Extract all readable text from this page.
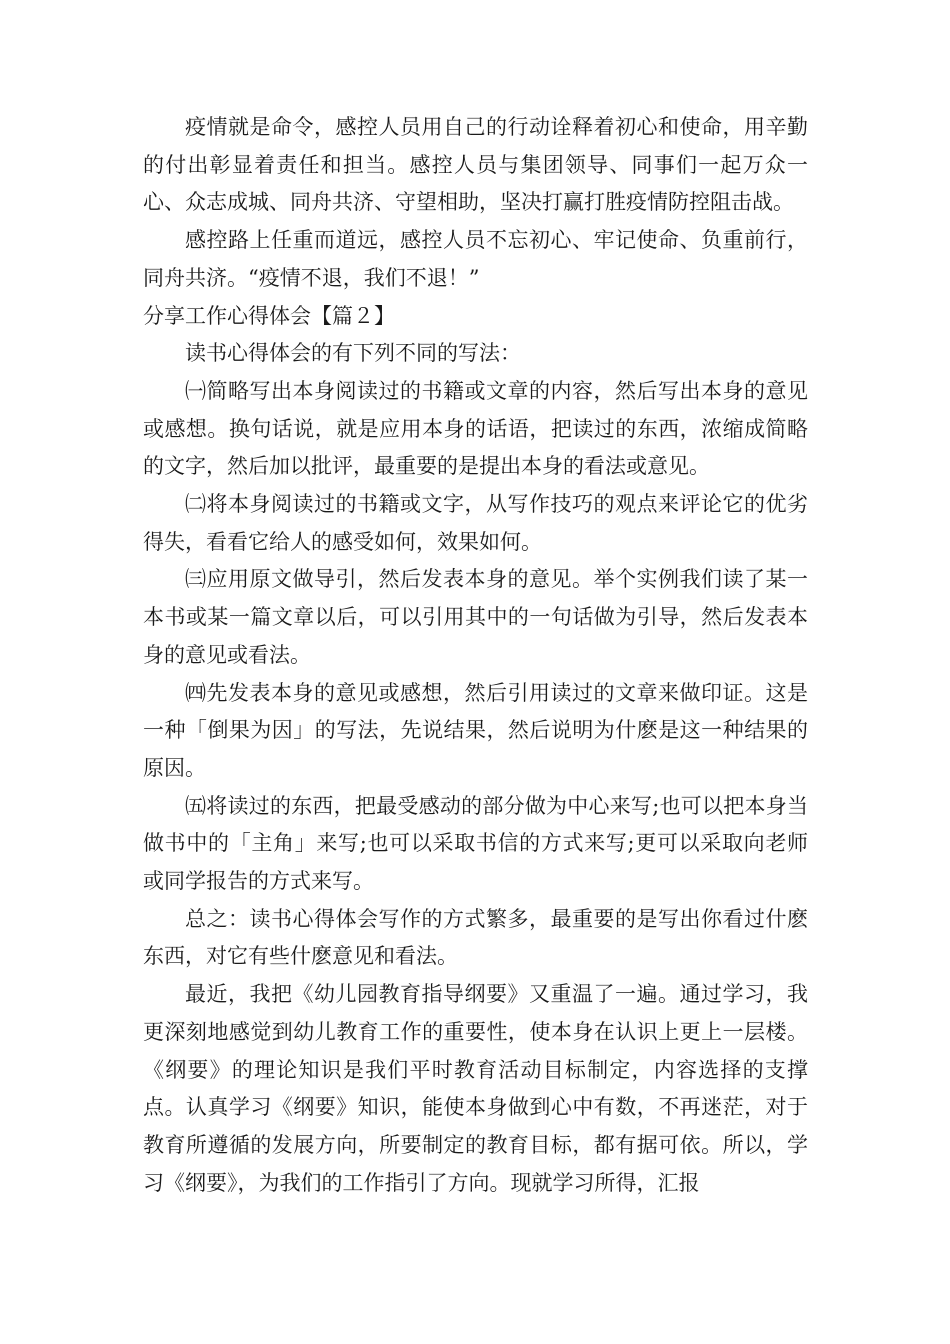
疫情就是命令，感控人员用自己的行动诠释着初心和使命，用辛勤的付出彰显着责任和担当。感控人员与集团领导、同事们一起万众一心、众志成城、同舟共济、守望相助，坚决打赢打胜疫情防控阻击战。

感控路上任重而道远，感控人员不忘初心、牢记使命、负重前行，同舟共济。“疫情不退，我们不退！”

分享工作心得体会【篇２】

读书心得体会的有下列不同的写法：

㈠简略写出本身阅读过的书籍或文章的内容，然后写出本身的意见或感想。换句话说，就是应用本身的话语，把读过的东西，浓缩成简略的文字，然后加以批评，最重要的是提出本身的看法或意见。

㈡将本身阅读过的书籍或文字，从写作技巧的观点来评论它的优劣得失，看看它给人的感受如何，效果如何。

㈢应用原文做导引，然后发表本身的意见。举个实例我们读了某一本书或某一篇文章以后，可以引用其中的一句话做为引导，然后发表本身的意见或看法。

㈣先发表本身的意见或感想，然后引用读过的文章来做印证。这是一种「倒果为因」的写法，先说结果，然后说明为什麽是这一种结果的原因。

㈤将读过的东西，把最受感动的部分做为中心来写;也可以把本身当做书中的「主角」来写;也可以采取书信的方式来写;更可以采取向老师或同学报告的方式来写。

总之：读书心得体会写作的方式繁多，最重要的是写出你看过什麽东西，对它有些什麽意见和看法。

最近，我把《幼儿园教育指导纲要》又重温了一遍。通过学习，我更深刻地感觉到幼儿教育工作的重要性，使本身在认识上更上一层楼。《纲要》的理论知识是我们平时教育活动目标制定，内容选择的支撑点。认真学习《纲要》知识，能使本身做到心中有数，不再迷茫，对于教育所遵循的发展方向，所要制定的教育目标，都有据可依。所以，学习《纲要》，为我们的工作指引了方向。现就学习所得，汇报
